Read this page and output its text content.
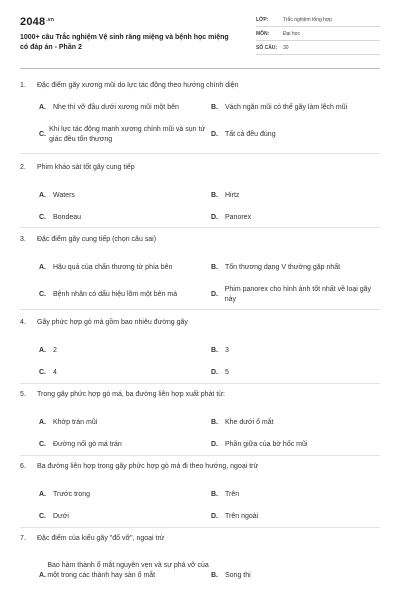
$2048^{.vn}$
1000+ câu Trắc nghiệm Vệ sinh răng miệng và bệnh học miệng có đáp án - Phần 2
LỚP:	Trắc nghiệm tổng hợp
MÔN:	Đại học
SỐ CÂU:	30
1.	Đặc điểm gãy xương mũi do lực tác động theo hướng chính diện
A.	Nhẹ thì vỡ đầu dưới xương mũi một bên	B.	Vách ngăn mũi có thể gãy làm lệch mũi
C.
Khi lực tác động mạnh xương chính mũi và sụn tứ giác đều tổn thương
D.	Tất cả đều đúng
2.	Phim khảo sát tốt gãy cung tiếp
A.	Waters	B.	Hirtz
C.	Bondeau	D.	Panorex
3.	Đặc điểm gãy cung tiếp (chọn câu sai)
A.	Hậu quả của chấn thương từ phía bên	B.	Tổn thương dạng V thường gặp nhất
C.	Bệnh nhân có dấu hiệu lõm một bên má	D.
Phim panorex cho hình ảnh tốt nhất về loại gãy này
4.	Gãy phức hợp gò má gồm bao nhiêu đường gãy
A.	2	B.	3
C.	4	D.	5
5.	Trong gãy phức hợp gò má, ba đường liên hợp xuất phát từ:
A.	Khớp trán mũi	B.	Khe dưới ổ mắt
C.	Đường nối gò má trán	D.	Phần giữa của bờ hốc mũi
6.	Ba đường liên hợp trong gãy phức hợp gò má đi theo hướng, ngoại trừ
A.	Trước trong	B.	Trên
C.	Dưới	D.	Trên ngoài
7.	Đặc điểm của kiểu gãy "đổ vỡ", ngoại trừ
A.
Bao hàm thành ổ mắt nguyên vẹn và sự phá vỡ của một trong các thành hay sàn ổ mắt	B.	Song thị
